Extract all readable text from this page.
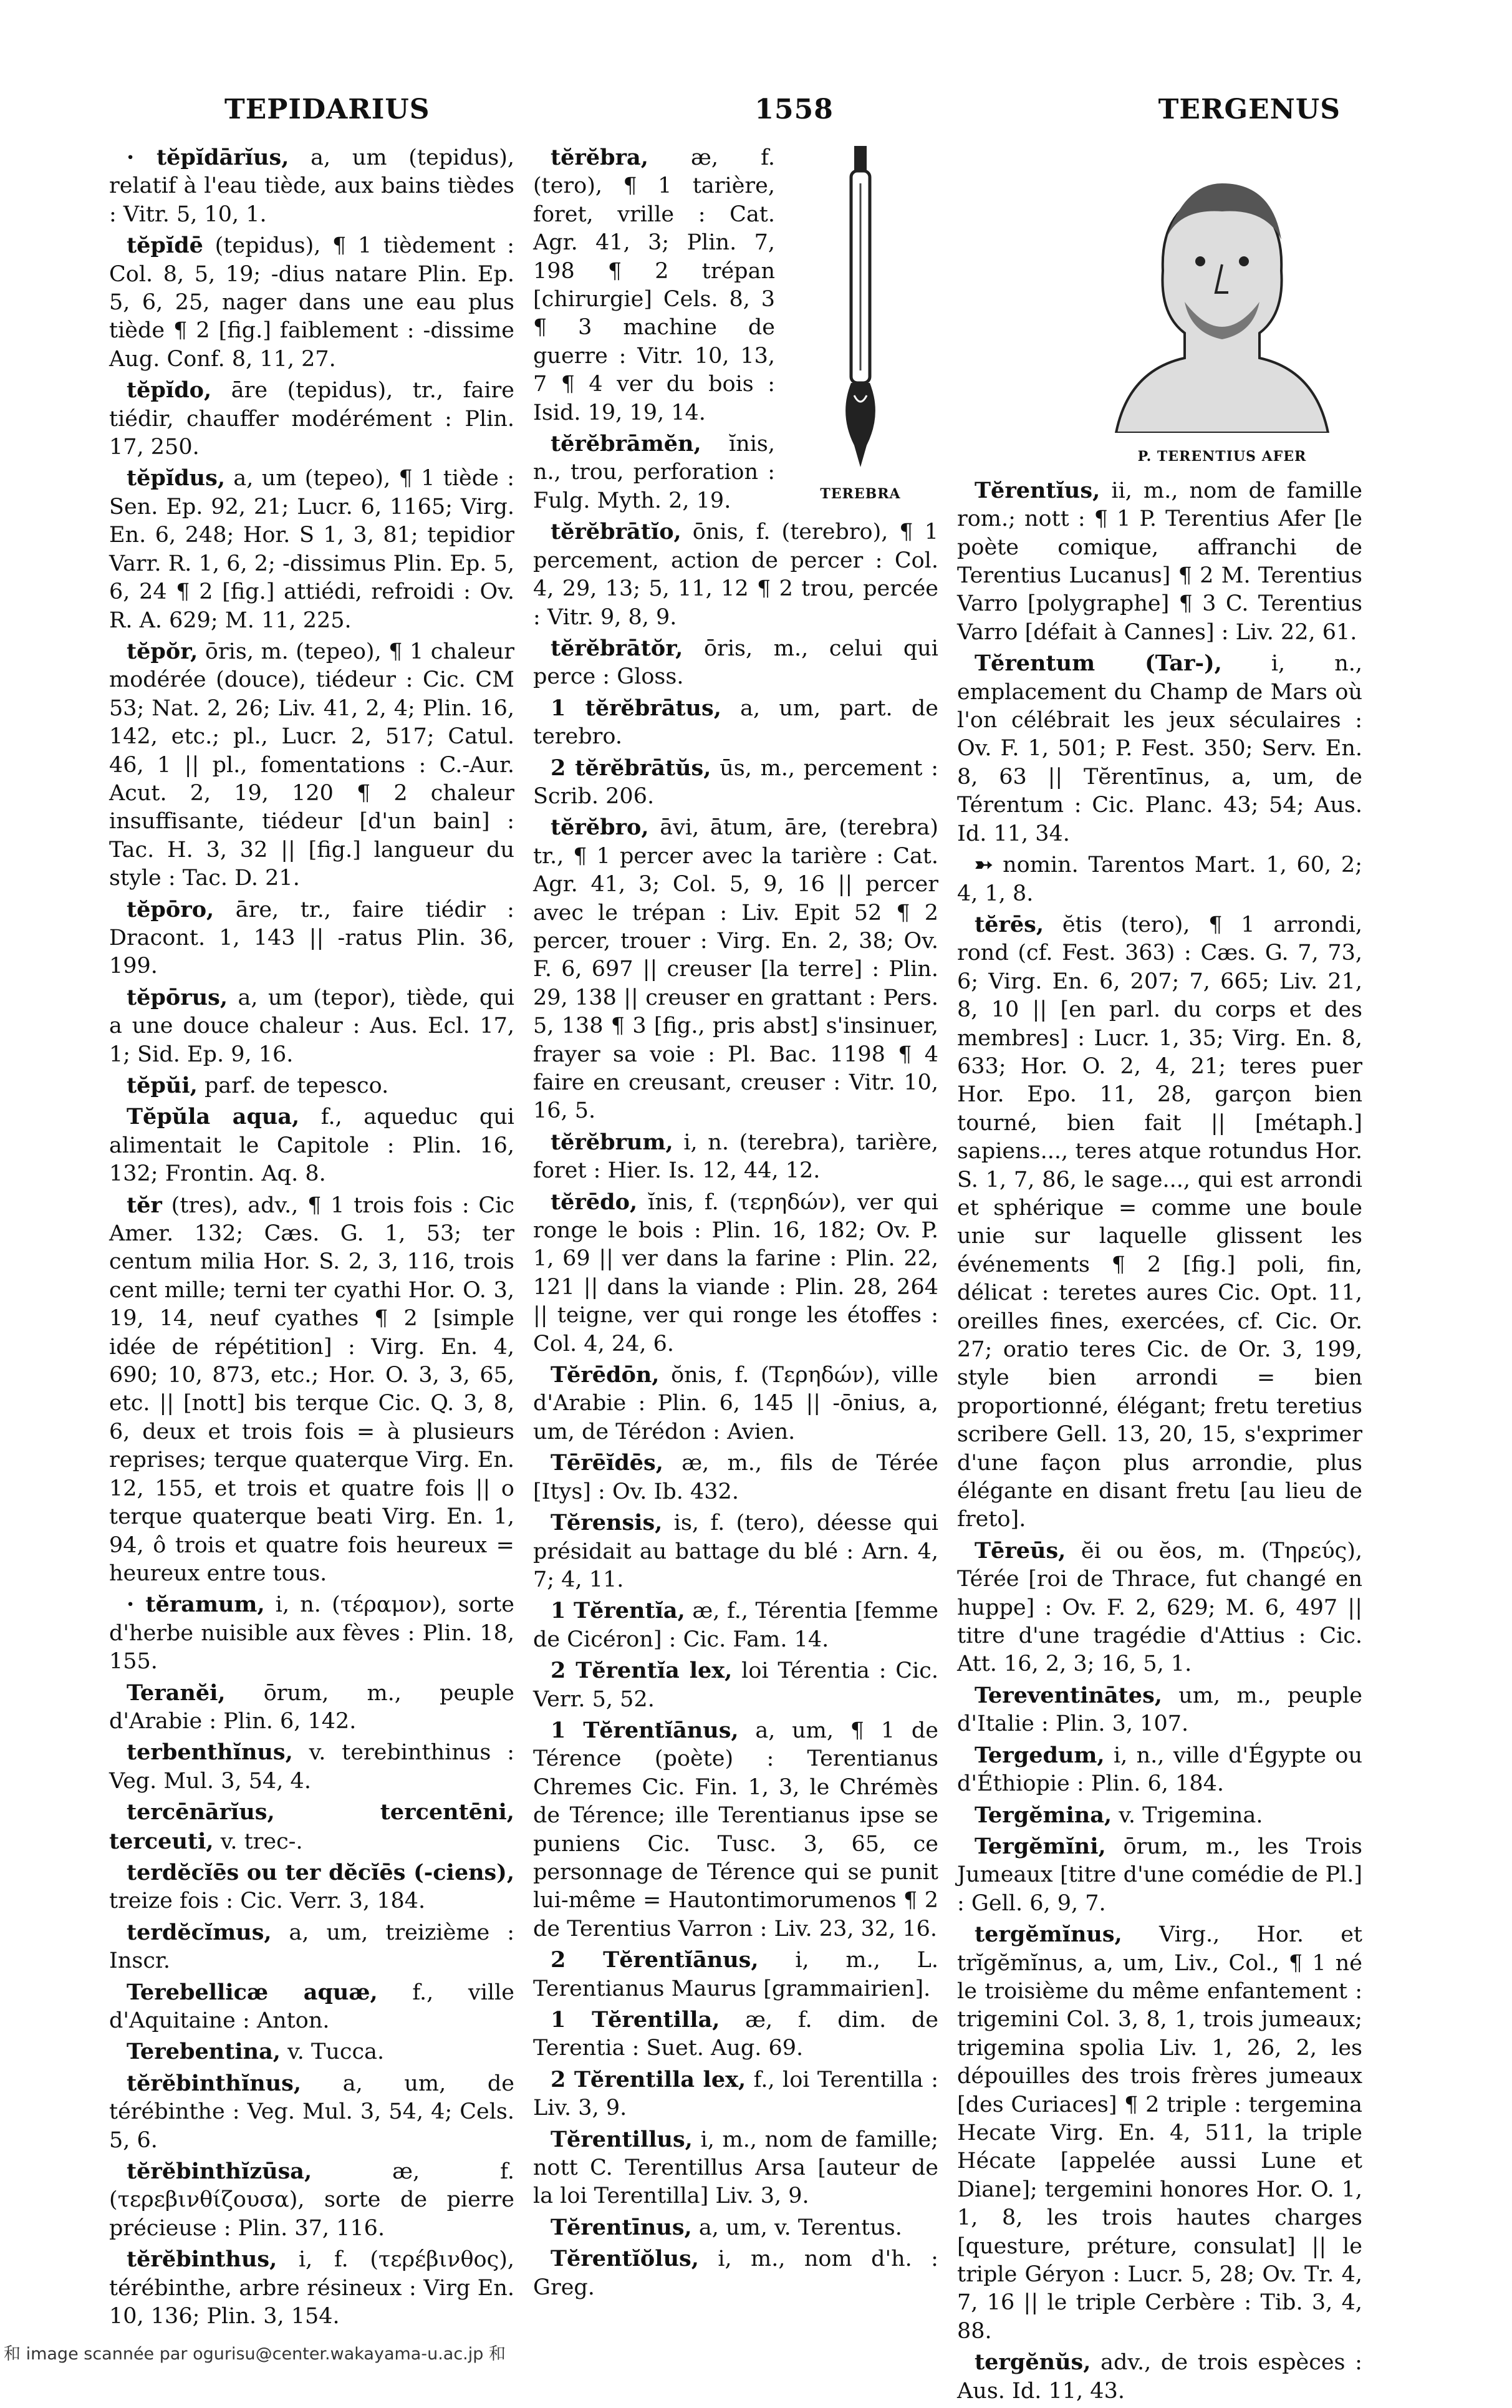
TEPIDARIUS	1558	TERGENUS

· tĕpĭdārĭus, a, um (tepidus), relatif à l'eau tiède, aux bains tièdes : Vitr. 5, 10, 1.

tĕpĭdē (tepidus), ¶ 1 tièdement : Col. 8, 5, 19; -dius natare Plin. Ep. 5, 6, 25, nager dans une eau plus tiède ¶ 2 [fig.] faiblement : -dissime Aug. Conf. 8, 11, 27.

tĕpĭdo, āre (tepidus), tr., faire tiédir, chauffer modérément : Plin. 17, 250.

tĕpĭdus, a, um (tepeo), ¶ 1 tiède : Sen. Ep. 92, 21; Lucr. 6, 1165; Virg. En. 6, 248; Hor. S 1, 3, 81; tepidior Varr. R. 1, 6, 2; -dissimus Plin. Ep. 5, 6, 24 ¶ 2 [fig.] attiédi, refroidi : Ov. R. A. 629; M. 11, 225.

tĕpŏr, ōris, m. (tepeo), ¶ 1 chaleur modérée (douce), tiédeur : Cic. CM 53; Nat. 2, 26; Liv. 41, 2, 4; Plin. 16, 142, etc.; pl., Lucr. 2, 517; Catul. 46, 1 || pl., fomentations : C.-Aur. Acut. 2, 19, 120 ¶ 2 chaleur insuffisante, tiédeur [d'un bain] : Tac. H. 3, 32 || [fig.] langueur du style : Tac. D. 21.

tĕpōro, āre, tr., faire tiédir : Dracont. 1, 143 || -ratus Plin. 36, 199.

tĕpōrus, a, um (tepor), tiède, qui a une douce chaleur : Aus. Ecl. 17, 1; Sid. Ep. 9, 16.

tĕpŭi, parf. de tepesco.

Tĕpŭla aqua, f., aqueduc qui alimentait le Capitole : Plin. 16, 132; Frontin. Aq. 8.

tĕr (tres), adv., ¶ 1 trois fois : Cic Amer. 132; Cæs. G. 1, 53; ter centum milia Hor. S. 2, 3, 116, trois cent mille; terni ter cyathi Hor. O. 3, 19, 14, neuf cyathes ¶ 2 [simple idée de répétition] : Virg. En. 4, 690; 10, 873, etc.; Hor. O. 3, 3, 65, etc. || [nott] bis terque Cic. Q. 3, 8, 6, deux et trois fois = à plusieurs reprises; terque quaterque Virg. En. 12, 155, et trois et quatre fois || o terque quaterque beati Virg. En. 1, 94, ô trois et quatre fois heureux = heureux entre tous.

· tĕramum, i, n. (τέραμον), sorte d'herbe nuisible aux fèves : Plin. 18, 155.

Teranĕi, ōrum, m., peuple d'Arabie : Plin. 6, 142.

terbenthĭnus, v. terebinthinus : Veg. Mul. 3, 54, 4.

tercēnārĭus, tercentēni, terceuti, v. trec-.

terdĕcĭēs ou ter dĕcĭēs (-ciens), treize fois : Cic. Verr. 3, 184.

terdĕcĭmus, a, um, treizième : Inscr.

Terebellicæ aquæ, f., ville d'Aquitaine : Anton.

Terebentina, v. Tucca.

tĕrĕbinthĭnus, a, um, de térébinthe : Veg. Mul. 3, 54, 4; Cels. 5, 6.

tĕrĕbinthĭzūsa,	æ, f. (τερεβινθίζουσα), sorte de pierre précieuse : Plin. 37, 116.

tĕrĕbinthus, i, f. (τερέβινθος), térébinthe, arbre résineux : Virg En. 10, 136; Plin. 3, 154.

TEREBRA

tĕrĕbra, æ, f. (tero), ¶ 1 tarière, foret, vrille : Cat. Agr. 41, 3; Plin. 7, 198 ¶ 2 trépan [chirurgie] Cels. 8, 3 ¶ 3 machine de guerre : Vitr. 10, 13, 7 ¶ 4 ver du bois : Isid. 19, 19, 14.

tĕrĕbrāmĕn, ĭnis, n., trou, perforation : Fulg. Myth. 2, 19.

tĕrĕbrātĭo, ōnis, f. (terebro), ¶ 1 percement, action de percer : Col. 4, 29, 13; 5, 11, 12 ¶ 2 trou, percée : Vitr. 9, 8, 9.

tĕrĕbrātŏr, ōris, m., celui qui perce : Gloss.

1 tĕrĕbrātus, a, um, part. de terebro.

2 tĕrĕbrātŭs, ūs, m., percement : Scrib. 206.

tĕrĕbro, āvi, ātum, āre, (terebra) tr., ¶ 1 percer avec la tarière : Cat. Agr. 41, 3; Col. 5, 9, 16 || percer avec le trépan : Liv. Epit 52 ¶ 2 percer, trouer : Virg. En. 2, 38; Ov. F. 6, 697 || creuser [la terre] : Plin. 29, 138 || creuser en grattant : Pers. 5, 138 ¶ 3 [fig., pris abst] s'insinuer, frayer sa voie : Pl. Bac. 1198 ¶ 4 faire en creusant, creuser : Vitr. 10, 16, 5.

tĕrĕbrum, i, n. (terebra), tarière, foret : Hier. Is. 12, 44, 12.

tĕrēdo, ĭnis, f. (τερηδών), ver qui ronge le bois : Plin. 16, 182; Ov. P. 1, 69 || ver dans la farine : Plin. 22, 121 || dans la viande : Plin. 28, 264 || teigne, ver qui ronge les étoffes : Col. 4, 24, 6.

Tĕrēdōn, ŏnis, f. (Τερηδών), ville d'Arabie : Plin. 6, 145 || -ōnius, a, um, de Térédon : Avien.

Tērēĭdēs, æ, m., fils de Térée [Itys] : Ov. Ib. 432.

Tĕrensis, is, f. (tero), déesse qui présidait au battage du blé : Arn. 4, 7; 4, 11.

1 Tĕrentĭa, æ, f., Térentia [femme de Cicéron] : Cic. Fam. 14.

2 Tĕrentĭa lex, loi Térentia : Cic. Verr. 5, 52.

1 Tĕrentĭānus, a, um, ¶ 1 de Térence (poète) : Terentianus Chremes Cic. Fin. 1, 3, le Chrémès de Térence; ille Terentianus ipse se puniens Cic. Tusc. 3, 65, ce personnage de Térence qui se punit lui-même = Hautontimorumenos ¶ 2 de Terentius Varron : Liv. 23, 32, 16.

2 Tĕrentĭānus, i, m., L. Terentianus Maurus [grammairien].

1 Tĕrentilla, æ, f. dim. de Terentia : Suet. Aug. 69.

2 Tĕrentilla lex, f., loi Terentilla : Liv. 3, 9.

Tĕrentillus, i, m., nom de famille; nott C. Terentillus Arsa [auteur de la loi Terentilla] Liv. 3, 9.

Tĕrentīnus, a, um, v. Terentus.

Tĕrentĭŏlus, i, m., nom d'h. : Greg.

P. TERENTIUS AFER

Tĕrentĭus, ii, m., nom de famille rom.; nott : ¶ 1 P. Terentius Afer [le poète comique, affranchi de Terentius Lucanus] ¶ 2 M. Terentius Varro [polygraphe] ¶ 3 C. Terentius Varro [défait à Cannes] : Liv. 22, 61.

Tĕrentum (Tar-), i, n., emplacement du Champ de Mars où l'on célébrait les jeux séculaires : Ov. F. 1, 501; P. Fest. 350; Serv. En. 8, 63 || Tĕrentīnus, a, um, de Térentum : Cic. Planc. 43; 54; Aus. Id. 11, 34.

➳ nomin. Tarentos Mart. 1, 60, 2; 4, 1, 8.

tĕrēs, ĕtis (tero), ¶ 1 arrondi, rond (cf. Fest. 363) : Cæs. G. 7, 73, 6; Virg. En. 6, 207; 7, 665; Liv. 21, 8, 10 || [en parl. du corps et des membres] : Lucr. 1, 35; Virg. En. 8, 633; Hor. O. 2, 4, 21; teres puer Hor. Epo. 11, 28, garçon bien tourné, bien fait || [métaph.] sapiens..., teres atque rotundus Hor. S. 1, 7, 86, le sage..., qui est arrondi et sphérique = comme une boule unie sur laquelle glissent les événements ¶ 2 [fig.] poli, fin, délicat : teretes aures Cic. Opt. 11, oreilles fines, exercées, cf. Cic. Or. 27; oratio teres Cic. de Or. 3, 199, style bien arrondi = bien proportionné, élégant; fretu teretius scribere Gell. 13, 20, 15, s'exprimer d'une façon plus arrondie, plus élégante en disant fretu [au lieu de freto].

Tēreūs, ĕi ou ĕos, m. (Τηρεύς), Térée [roi de Thrace, fut changé en huppe] : Ov. F. 2, 629; M. 6, 497 || titre d'une tragédie d'Attius : Cic. Att. 16, 2, 3; 16, 5, 1.

Tereventinātes, um, m., peuple d'Italie : Plin. 3, 107.

Tergedum, i, n., ville d'Égypte ou d'Éthiopie : Plin. 6, 184.

Tergĕmina, v. Trigemina.

Tergĕmĭni, ōrum, m., les Trois Jumeaux [titre d'une comédie de Pl.] : Gell. 6, 9, 7.

tergĕmĭnus, Virg., Hor. et trĭgĕmĭnus, a, um, Liv., Col., ¶ 1 né le troisième du même enfantement : trigemini Col. 3, 8, 1, trois jumeaux; trigemina spolia Liv. 1, 26, 2, les dépouilles des trois frères jumeaux [des Curiaces] ¶ 2 triple : tergemina Hecate Virg. En. 4, 511, la triple Hécate [appelée aussi Lune et Diane]; tergemini honores Hor. O. 1, 1, 8, les trois hautes charges [questure, préture, consulat] || le triple Géryon : Lucr. 5, 28; Ov. Tr. 4, 7, 16 || le triple Cerbère : Tib. 3, 4, 88.

tergĕnŭs, adv., de trois espèces : Aus. Id. 11, 43.

和 image scannée par ogurisu@center.wakayama-u.ac.jp 和
